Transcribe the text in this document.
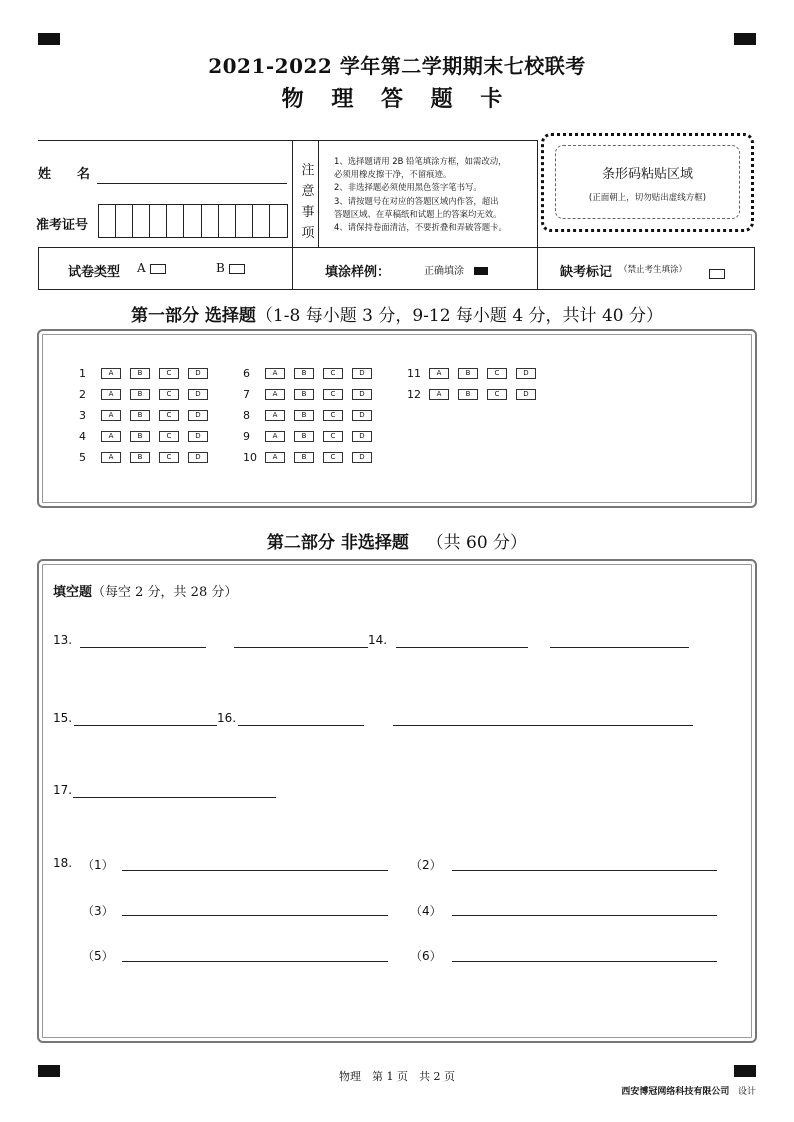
2021-2022 学年第二学期期末七校联考
物 理 答 题 卡
姓　　名
准考证号
注
意
事
项
1、选择题请用 2B 铅笔填涂方框，如需改动，
必须用橡皮擦干净，不留痕迹。
2、非选择题必须使用黑色签字笔书写。
3、请按题号在对应的答题区域内作答，超出
答题区域、在草稿纸和试题上的答案均无效。
4、请保持卷面清洁，不要折叠和弄破答题卡。
条形码粘贴区域
(正面朝上，切勿贴出虚线方框)
试卷类型 A	B	填涂样例：	正确填涂	缺考标记 （禁止考生填涂）
第一部分 选择题（1-8 每小题 3 分，9-12 每小题 4 分，共计 40 分）
1	A	B	C	D
2	A	B	C	D
3	A	B	C	D
4	A	B	C	D
5	A	B	C	D
6	A	B	C	D
7	A	B	C	D
8	A	B	C	D
9	A	B	C	D
10	A	B	C	D
11	A	B	C	D
12	A	B	C	D
第二部分 非选择题 （共 60 分）
填空题（每空 2 分，共 28 分）
13.	14.
15.	16.
17.
18. （1）	（2）
（3）	（4）
（5）	（6）
物理　第 1 页　共 2 页
西安博冠网络科技有限公司 设计
